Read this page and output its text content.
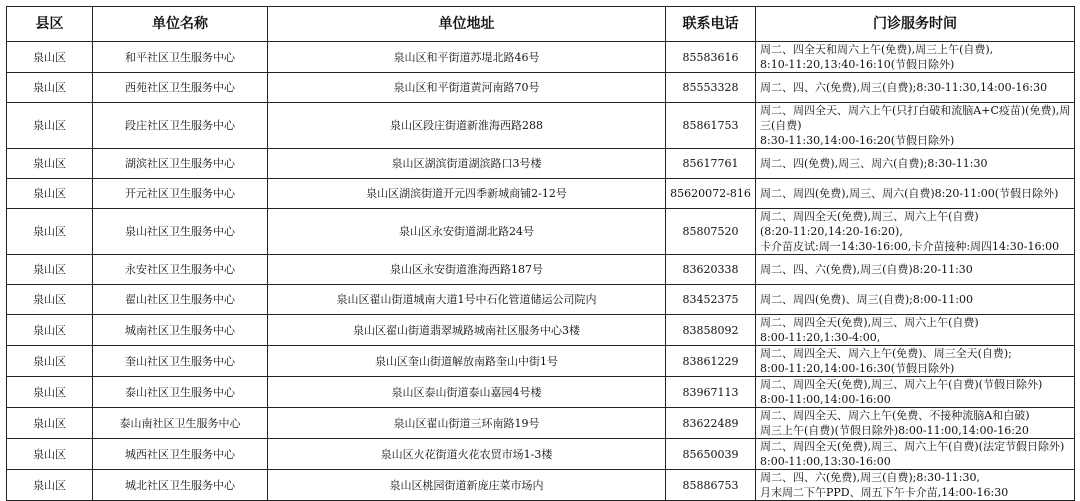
县区	单位名称	单位地址	联系电话	门诊服务时间
泉山区	和平社区卫生服务中心	泉山区和平街道苏堤北路46号	85583616	周二、四全天和周六上午(免费),周三上午(自费),
8:10-11:20,13:40-16:10(节假日除外)

泉山区	西苑社区卫生服务中心	泉山区和平街道黄河南路70号	85553328	周二、四、六(免费),周三(自费);8:30-11:30,14:00-16:30

泉山区	段庄社区卫生服务中心	泉山区段庄街道新淮海西路288	85861753	周二、周四全天、周六上午(只打白破和流脑A+C疫苗)(免费),周三(自费)
8:30-11:30,14:00-16:20(节假日除外)

泉山区	湖滨社区卫生服务中心	泉山区湖滨街道湖滨路口3号楼	85617761	周二、四(免费),周三、周六(自费);8:30-11:30

泉山区	开元社区卫生服务中心	泉山区湖滨街道开元四季新城商铺2-12号	85620072-816	周二、周四(免费),周三、周六(自费)8:20-11:00(节假日除外)

泉山区	泉山社区卫生服务中心	泉山区永安街道湖北路24号	85807520	周二、周四全天(免费),周三、周六上午(自费)
(8:20-11:20,14:20-16:20),
卡介苗皮试:周一14:30-16:00,卡介苗接种:周四14:30-16:00

泉山区	永安社区卫生服务中心	泉山区永安街道淮海西路187号	83620338	周二、四、六(免费),周三(自费)8:20-11:30

泉山区	翟山社区卫生服务中心	泉山区翟山街道城南大道1号中石化管道储运公司院内	83452375	周二、周四(免费)、周三(自费);8:00-11:00

泉山区	城南社区卫生服务中心	泉山区翟山街道翡翠城路城南社区服务中心3楼	83858092	周二、周四全天(免费),周三、周六上午(自费)
8:00-11:20,1:30-4:00,

泉山区	奎山社区卫生服务中心	泉山区奎山街道解放南路奎山中街1号	83861229	周二、周四全天、周六上午(免费)、周三全天(自费);
8:00-11:20,14:00-16:30(节假日除外)

泉山区	泰山社区卫生服务中心	泉山区泰山街道泰山嘉园4号楼	83967113	周二、周四全天(免费),周三、周六上午(自费)(节假日除外)
8:00-11:00,14:00-16:00

泉山区	泰山南社区卫生服务中心	泉山区翟山街道三环南路19号	83622489	周二、周四全天、周六上午(免费、不接种流脑A和白破)
周三上午(自费)(节假日除外)8:00-11:00,14:00-16:20

泉山区	城西社区卫生服务中心	泉山区火花街道火花农贸市场1-3楼	85650039	周二、周四全天(免费),周三、周六上午(自费)(法定节假日除外)
8:00-11:00,13:30-16:00

泉山区	城北社区卫生服务中心	泉山区桃园街道新庞庄菜市场内	85886753	周二、四、六(免费),周三(自费);8:30-11:30,
月末周二下午PPD、周五下午卡介苗,14:00-16:30
